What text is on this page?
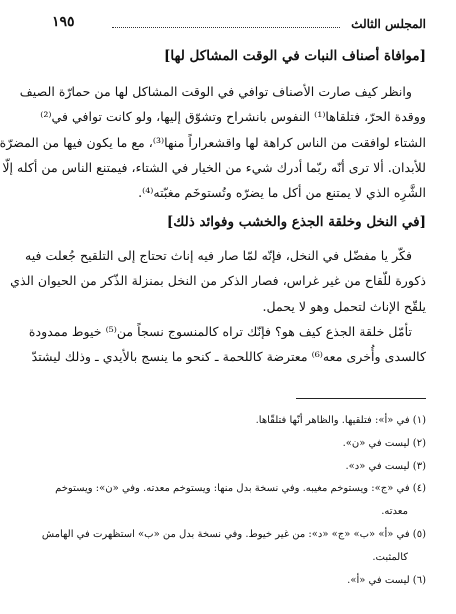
المجلس الثالث
١٩٥
[موافاة أصناف النبات في الوقت المشاكل لها]
وانظر كيف صارت الأصناف توافي في الوقت المشاكل لها من حمارّة الصيف
ووقدة الحرّ، فتلقاها⁽¹⁾ النفوس بانشراح وتشوّق إليها، ولو كانت توافي في⁽²⁾
الشتاء لوافقت من الناس كراهة لها واقشعراراً منها⁽³⁾، مع ما يكون فيها من المضرّة
للأبدان. ألا ترى أنّه ربّما أدرك شيء من الخيار في الشتاء، فيمتنع الناس من أكله إلّا
الشَّرِه الذي لا يمتنع من أكل ما يضرّه وتُستوخَم مغبّته⁽⁴⁾.
[في النخل وخلقة الجذع والخشب وفوائد ذلك]
فكّر يا مفضّل في النخل، فإنّه لمّا صار فيه إناث تحتاج إلى التلقيح جُعلت فيه
ذكورة للّقاح من غير غراس، فصار الذكر من النخل بمنزلة الذّكر من الحيوان الذي
يلقّح الإناث لتحمل وهو لا يحمل.
تأمّل خلقة الجذع كيف هو؟ فإنّك تراه كالمنسوج نسجاً من⁽⁵⁾ خيوط ممدودة
كالسدى وأُخرى معه⁽⁶⁾ معترضة كاللحمة ـ كنحو ما ينسج بالأيدي ـ وذلك ليشتدّ
(١) في «أ»: فتلقيها. والظاهر أنّها فتلقّاها.
(٢) ليست في «ن».
(٣) ليست في «د».
(٤) في «ج»: ويستوخم مغيبه. وفي نسخة بدل منها: ويستوخم معدته. وفي «ن»: ويستوخم
معدته.
(٥) في «أ» «ب» «ج» «د»: من غير خيوط. وفي نسخة بدل من «ب» استظهرت في الهامش
كالمثبت.
(٦) ليست في «أ».
